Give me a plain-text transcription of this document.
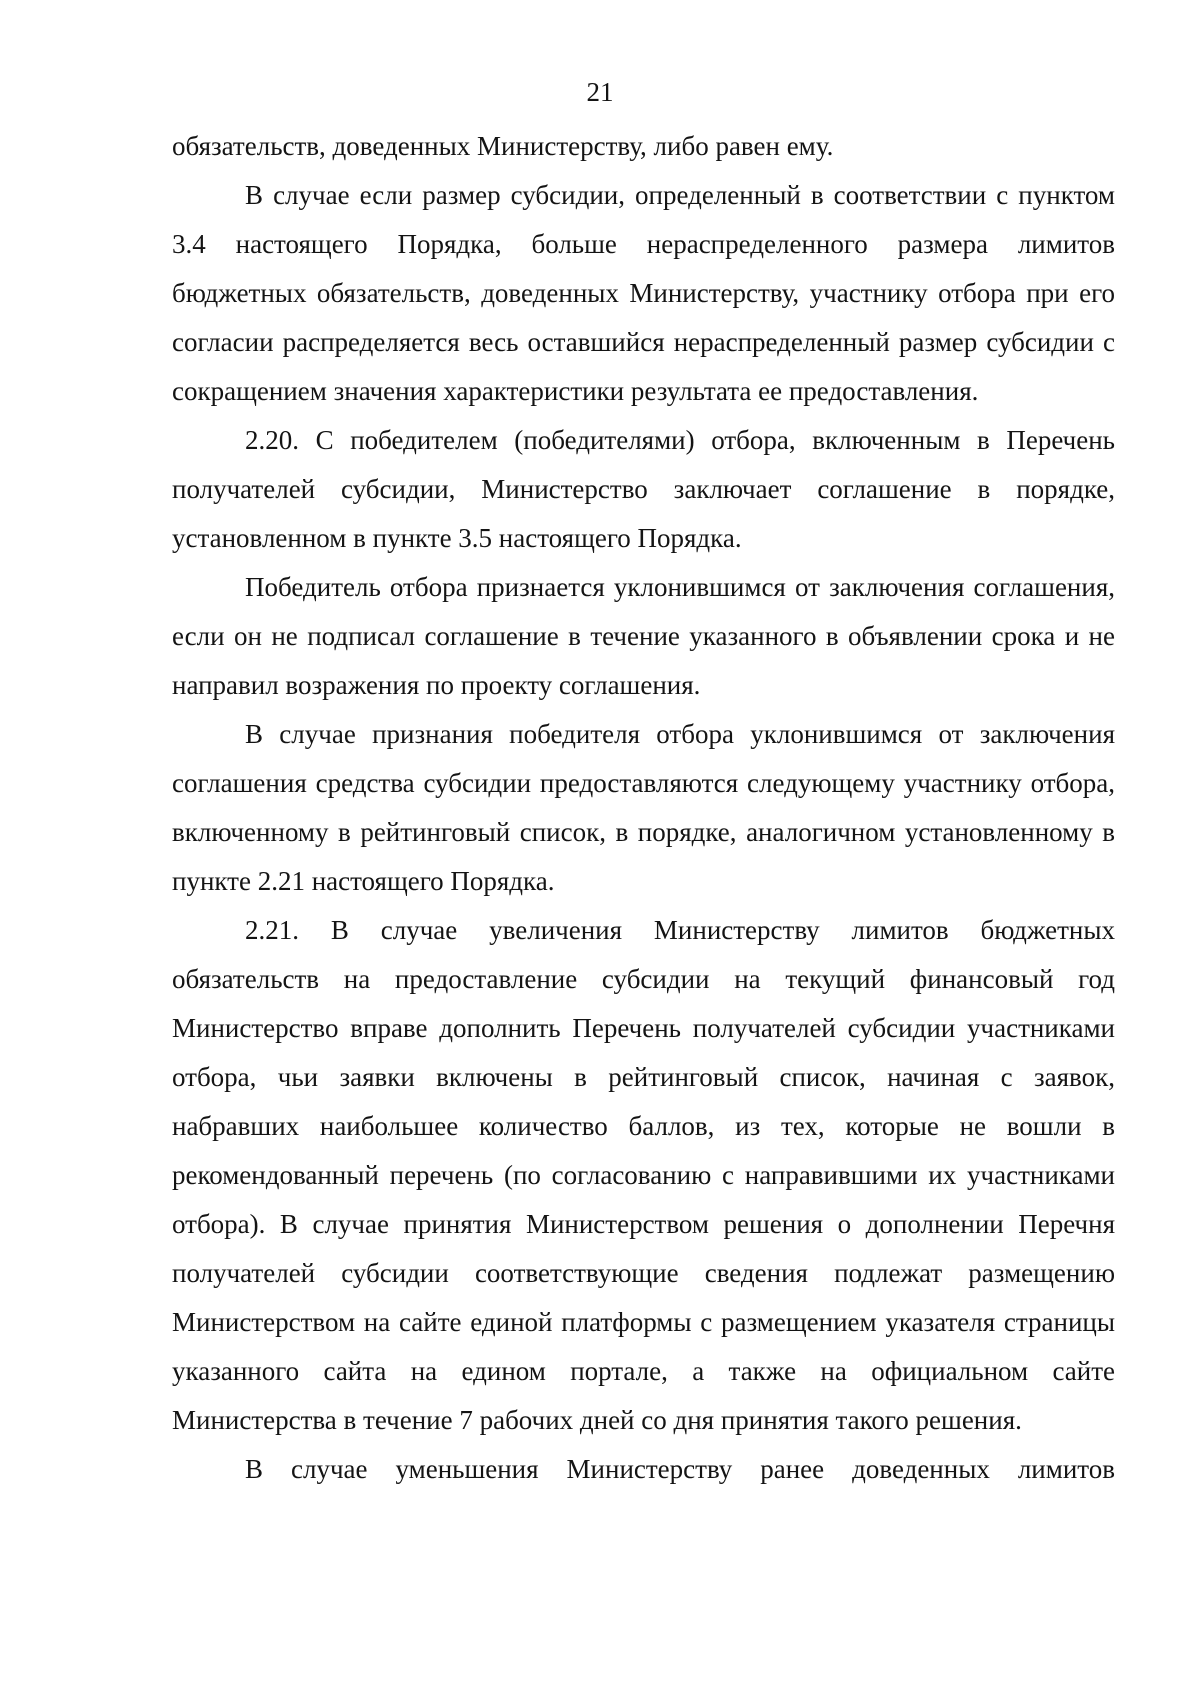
21

обязательств, доведенных Министерству, либо равен ему.

В случае если размер субсидии, определенный в соответствии с пунктом 3.4 настоящего Порядка, больше нераспределенного размера лимитов бюджетных обязательств, доведенных Министерству, участнику отбора при его согласии распределяется весь оставшийся нераспределенный размер субсидии с сокращением значения характеристики результата ее предоставления.

2.20. С победителем (победителями) отбора, включенным в Перечень получателей субсидии, Министерство заключает соглашение в порядке, установленном в пункте 3.5 настоящего Порядка.

Победитель отбора признается уклонившимся от заключения соглашения, если он не подписал соглашение в течение указанного в объявлении срока и не направил возражения по проекту соглашения.

В случае признания победителя отбора уклонившимся от заключения соглашения средства субсидии предоставляются следующему участнику отбора, включенному в рейтинговый список, в порядке, аналогичном установленному в пункте 2.21 настоящего Порядка.

2.21. В случае увеличения Министерству лимитов бюджетных обязательств на предоставление субсидии на текущий финансовый год Министерство вправе дополнить Перечень получателей субсидии участниками отбора, чьи заявки включены в рейтинговый список, начиная с заявок, набравших наибольшее количество баллов, из тех, которые не вошли в рекомендованный перечень (по согласованию с направившими их участниками отбора). В случае принятия Министерством решения о дополнении Перечня получателей субсидии соответствующие сведения подлежат размещению Министерством на сайте единой платформы с размещением указателя страницы указанного сайта на едином портале, а также на официальном сайте Министерства в течение 7 рабочих дней со дня принятия такого решения.

В случае уменьшения Министерству ранее доведенных лимитов
